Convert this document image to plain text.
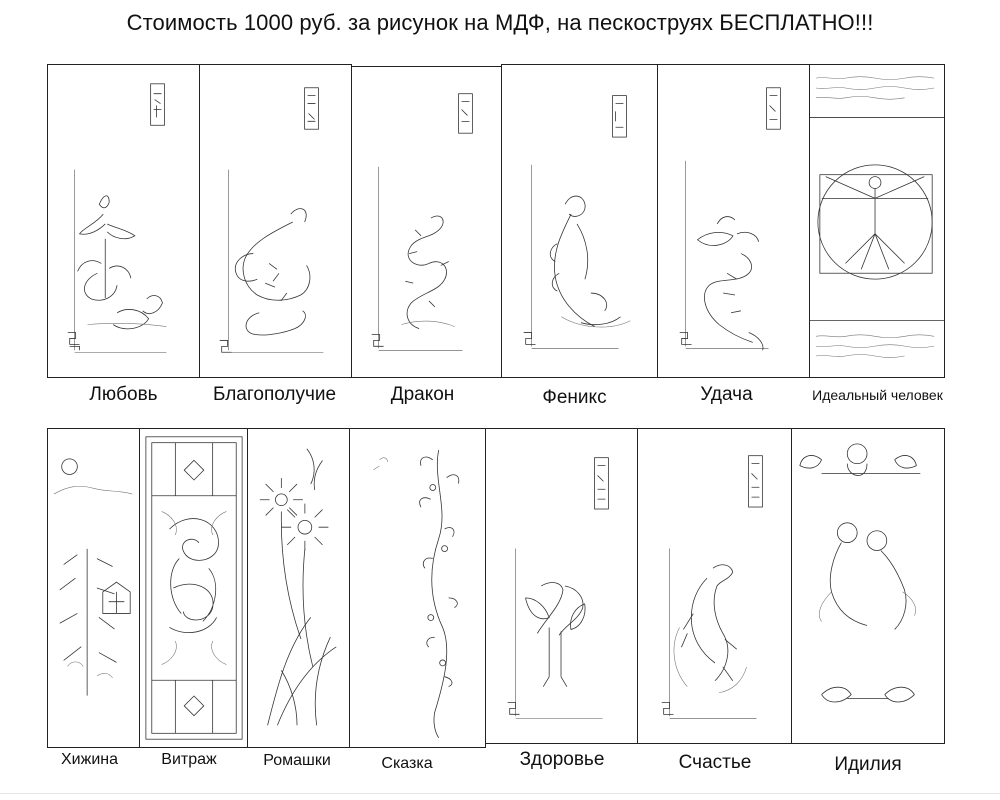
Стоимость 1000 руб. за рисунок на МДФ, на пескоструях БЕСПЛАТНО!!!
Любовь	Благополучие	Дракон	Феникс	Удача	Идеальный человек
Хижина	Витраж	Ромашки	Сказка	Здоровье	Счастье	Идилия
